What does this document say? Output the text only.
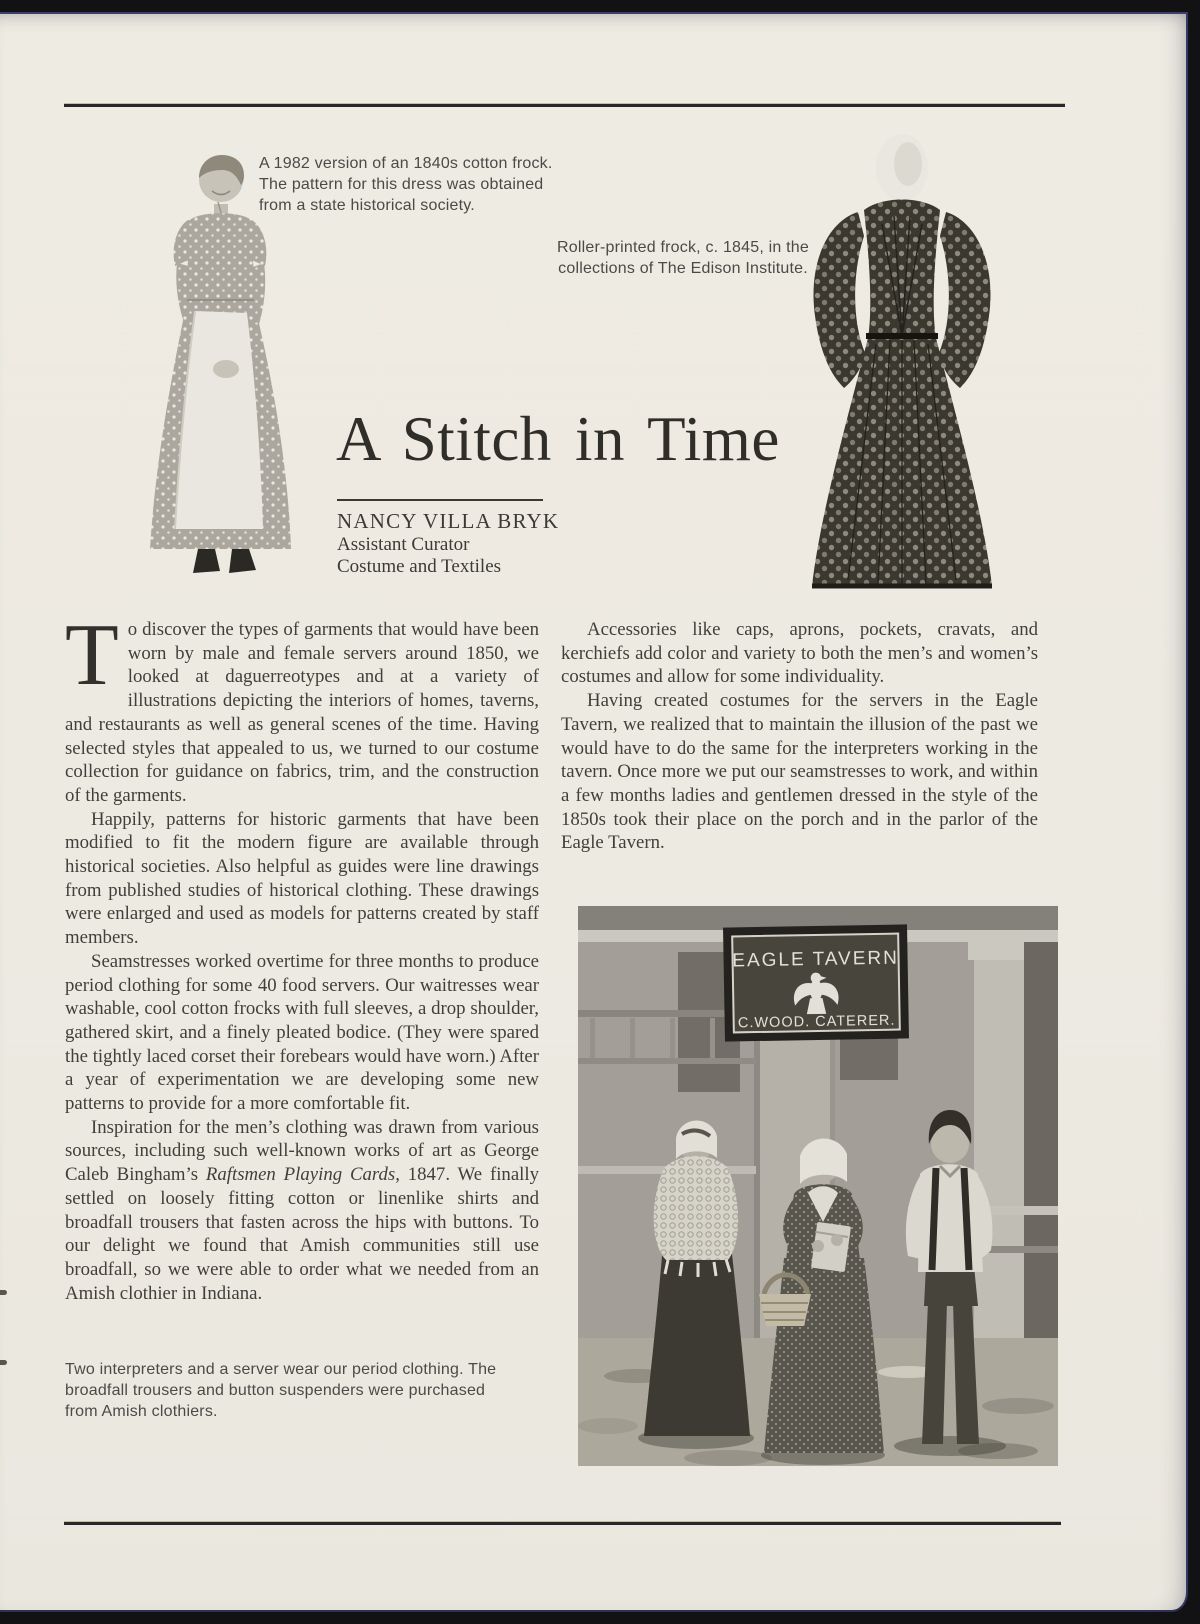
A 1982 version of an 1840s cotton frock. The pattern for this dress was obtained from a state historical society.
Roller-printed frock, c. 1845, in the collections of The Edison Institute.
A Stitch in Time
NANCY VILLA BRYK
Assistant Curator
Costume and Textiles

To discover the types of garments that would have been worn by male and female servers around 1850, we looked at daguerreotypes and at a variety of illustrations depicting the interiors of homes, taverns, and restaurants as well as general scenes of the time. Having selected styles that appealed to us, we turned to our costume collection for guidance on fabrics, trim, and the construction of the garments.

Happily, patterns for historic garments that have been modified to fit the modern figure are available through historical societies. Also helpful as guides were line drawings from published studies of historical clothing. These drawings were enlarged and used as models for patterns created by staff members.

Seamstresses worked overtime for three months to produce period clothing for some 40 food servers. Our waitresses wear washable, cool cotton frocks with full sleeves, a drop shoulder, gathered skirt, and a finely pleated bodice. (They were spared the tightly laced corset their forebears would have worn.) After a year of experimentation we are developing some new patterns to provide for a more comfortable fit.

Inspiration for the men’s clothing was drawn from various sources, including such well-known works of art as George Caleb Bingham’s Raftsmen Playing Cards, 1847. We finally settled on loosely fitting cotton or linenlike shirts and broadfall trousers that fasten across the hips with buttons. To our delight we found that Amish communities still use broadfall, so we were able to order what we needed from an Amish clothier in Indiana.

Accessories like caps, aprons, pockets, cravats, and kerchiefs add color and variety to both the men’s and women’s costumes and allow for some individuality.

Having created costumes for the servers in the Eagle Tavern, we realized that to maintain the illusion of the past we would have to do the same for the interpreters working in the tavern. Once more we put our seamstresses to work, and within a few months ladies and gentlemen dressed in the style of the 1850s took their place on the porch and in the parlor of the Eagle Tavern.

Two interpreters and a server wear our period clothing. The broadfall trousers and button suspenders were purchased from Amish clothiers.
EAGLE TAVERN
C.WOOD. CATERER.
